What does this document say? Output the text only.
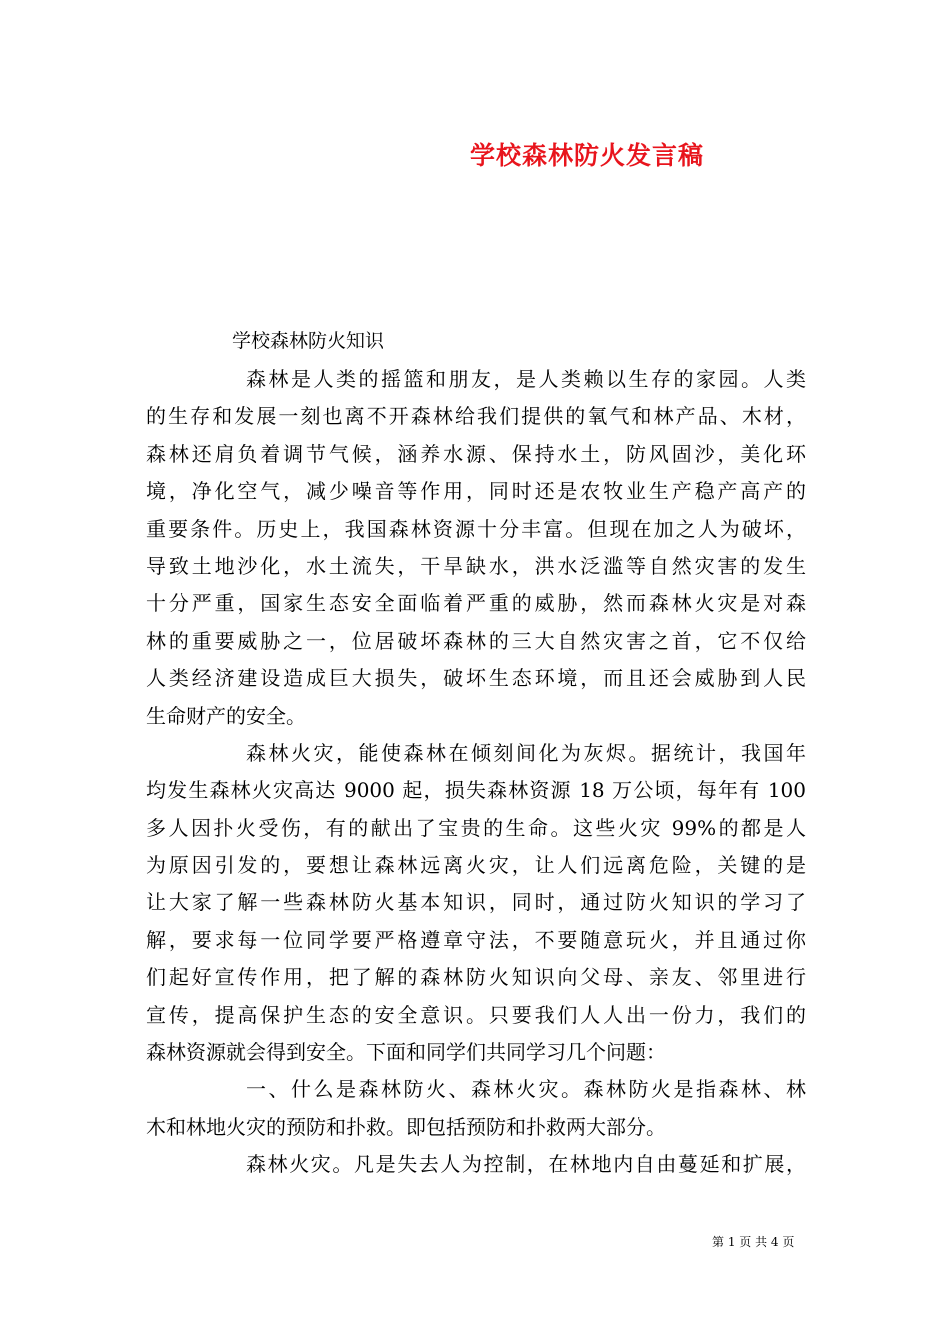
学校森林防火发言稿
学校森林防火知识
森林是人类的摇篮和朋友，是人类赖以生存的家园。人类
的生存和发展一刻也离不开森林给我们提供的氧气和林产品、木材，
森林还肩负着调节气候，涵养水源、保持水土，防风固沙，美化环
境，净化空气，减少噪音等作用，同时还是农牧业生产稳产高产的
重要条件。历史上，我国森林资源十分丰富。但现在加之人为破坏，
导致土地沙化，水土流失，干旱缺水，洪水泛滥等自然灾害的发生
十分严重，国家生态安全面临着严重的威胁，然而森林火灾是对森
林的重要威胁之一，位居破坏森林的三大自然灾害之首，它不仅给
人类经济建设造成巨大损失，破坏生态环境，而且还会威胁到人民
生命财产的安全。
森林火灾，能使森林在倾刻间化为灰烬。据统计，我国年
均发生森林火灾高达 9000 起，损失森林资源 18 万公顷，每年有 100
多人因扑火受伤，有的献出了宝贵的生命。这些火灾 99%的都是人
为原因引发的，要想让森林远离火灾，让人们远离危险，关键的是
让大家了解一些森林防火基本知识，同时，通过防火知识的学习了
解，要求每一位同学要严格遵章守法，不要随意玩火，并且通过你
们起好宣传作用，把了解的森林防火知识向父母、亲友、邻里进行
宣传，提高保护生态的安全意识。只要我们人人出一份力，我们的
森林资源就会得到安全。下面和同学们共同学习几个问题：
一、什么是森林防火、森林火灾。森林防火是指森林、林
木和林地火灾的预防和扑救。即包括预防和扑救两大部分。
森林火灾。凡是失去人为控制，在林地内自由蔓延和扩展，
第 1 页 共 4 页
